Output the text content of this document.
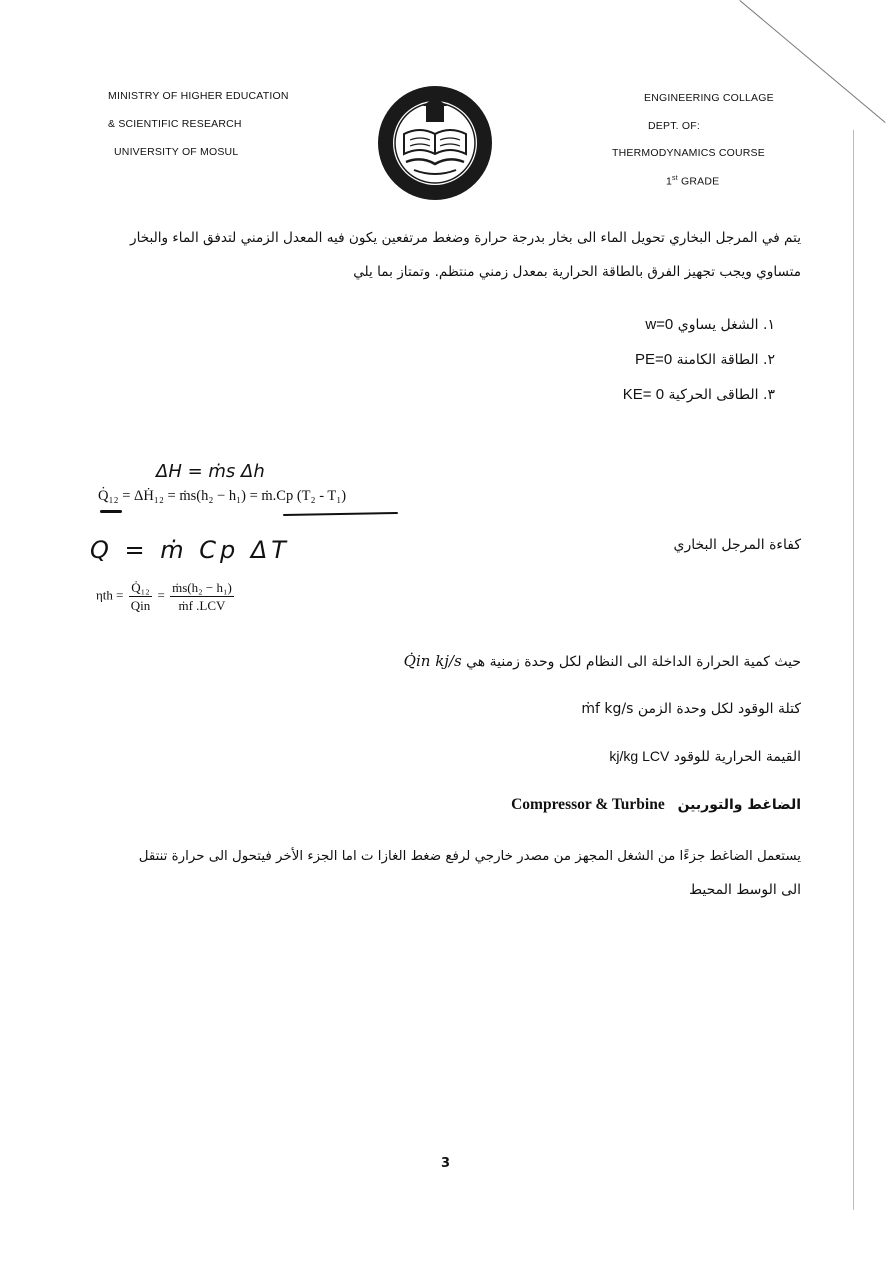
MINISTRY OF HIGHER EDUCATION
& SCIENTIFIC RESEARCH
UNIVERSITY OF MOSUL
ENGINEERING COLLAGE
DEPT. OF:
THERMODYNAMICS COURSE
1st GRADE
يتم في المرجل البخاري تحويل الماء الى بخار بدرجة حرارة وضغط مرتفعين يكون فيه المعدل الزمني لتدفق الماء والبخار
متساوي ويجب تجهيز الفرق بالطاقة الحرارية بمعدل زمني منتظم. وتمتاز بما يلي
١. الشغل يساوي w=0
٢. الطاقة الكامنة PE=0
٣. الطاقى الحركية KE= 0
ΔH = ṁs Δh
Q̇₁₂ = ΔḢ₁₂ = ṁs(h₂ − h₁) = ṁ.Cp (T₂ - T₁)
Q = ṁ Cp ΔT	كفاءة المرجل البخاري
$\eta th = \frac{\text{Q̇₁₂}}{\text{Qin}} = \frac{\text{ṁs(h₂ − h₁)}}{\text{ṁf .LCV}}$
حيث كمية الحرارة الداخلة الى النظام لكل وحدة زمنية هي Q̇in kj/s
كتلة الوقود لكل وحدة الزمن ṁf kg/s
القيمة الحرارية للوقود kj/kg LCV
الضاغط والتوربين Compressor & Turbine
يستعمل الضاغط جزءًا من الشغل المجهز من مصدر خارجي لرفع ضغط الغازا ت اما الجزء الأخر فيتحول الى حرارة تنتقل
الى الوسط المحيط
3
